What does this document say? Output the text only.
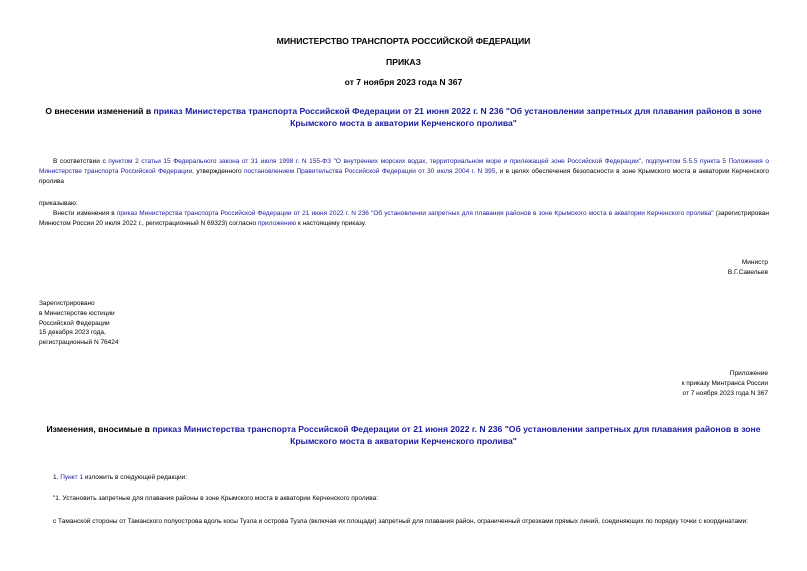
МИНИСТЕРСТВО ТРАНСПОРТА РОССИЙСКОЙ ФЕДЕРАЦИИ
ПРИКАЗ
от 7 ноября 2023 года N 367
О внесении изменений в приказ Министерства транспорта Российской Федерации от 21 июня 2022 г. N 236 "Об установлении запретных для плавания районов в зоне Крымского моста в акватории Керченского пролива"
В соответствии с пунктом 2 статьи 15 Федерального закона от 31 июля 1998 г. N 155-ФЗ "О внутренних морских водах, территориальном море и прилежащей зоне Российской Федерации", подпунктом 5.5.5 пункта 5 Положения о Министерстве транспорта Российской Федерации, утвержденного постановлением Правительства Российской Федерации от 30 июля 2004 г. N 395, и в целях обеспечения безопасности в зоне Крымского моста в акватории Керченского пролива
приказываю:
Внести изменения в приказ Министерства транспорта Российской Федерации от 21 июня 2022 г. N 236 "Об установлении запретных для плавания районов в зоне Крымского моста в акватории Керченского пролива" (зарегистрирован Минюстом России 20 июля 2022 г., регистрационный N 69323) согласно приложению к настоящему приказу.
Министр
В.Г.Савельев
Зарегистрировано
в Министерстве юстиции
Российской Федерации
15 декабря 2023 года,
регистрационный N 76424
Приложение
к приказу Минтранса России
от 7 ноября 2023 года N 367
Изменения, вносимые в приказ Министерства транспорта Российской Федерации от 21 июня 2022 г. N 236 "Об установлении запретных для плавания районов в зоне Крымского моста в акватории Керченского пролива"
1. Пункт 1 изложить в следующей редакции:
"1. Установить запретные для плавания районы в зоне Крымского моста в акватории Керченского пролива:
с Таманской стороны от Таманского полуострова вдоль косы Тузла и острова Тузла (включая их площади) запретный для плавания район, ограниченный отрезками прямых линий, соединяющих по порядку точки с координатами:
